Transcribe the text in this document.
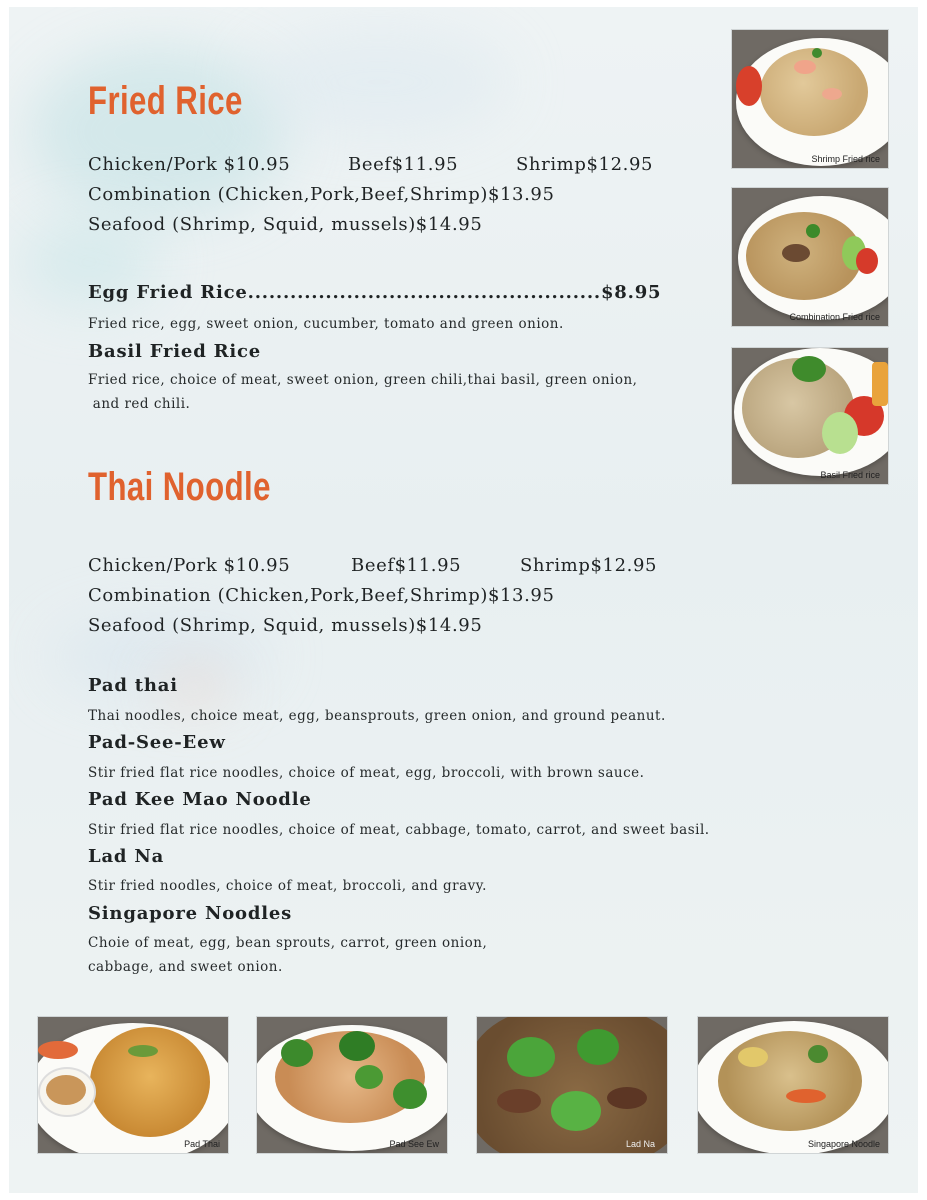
Fried Rice
Chicken/Pork $10.95	Beef$11.95	Shrimp$12.95
Combination (Chicken,Pork,Beef,Shrimp)$13.95
Seafood (Shrimp, Squid, mussels)$14.95
Egg Fried Rice..................................................$8.95
Fried rice, egg, sweet onion, cucumber, tomato and green onion.
Basil Fried Rice
Fried rice, choice of meat, sweet onion, green chili,thai basil, green onion,
and red chili.
Thai Noodle
Chicken/Pork $10.95	Beef$11.95	Shrimp$12.95
Combination (Chicken,Pork,Beef,Shrimp)$13.95
Seafood (Shrimp, Squid, mussels)$14.95
Pad thai
Thai noodles, choice meat, egg, beansprouts, green onion, and ground peanut.
Pad-See-Eew
Stir fried flat rice noodles, choice of meat, egg, broccoli, with brown sauce.
Pad Kee Mao Noodle
Stir fried flat rice noodles, choice of meat, cabbage, tomato, carrot, and sweet basil.
Lad Na
Stir fried noodles, choice of meat, broccoli, and gravy.
Singapore Noodles
Choie of meat, egg, bean sprouts, carrot, green onion,
cabbage, and sweet onion.
Shrimp Fried rice
Combination Fried rice
Basil Fried rice
Pad Thai	Pad See Ew	Lad Na	Singapore Noodle
